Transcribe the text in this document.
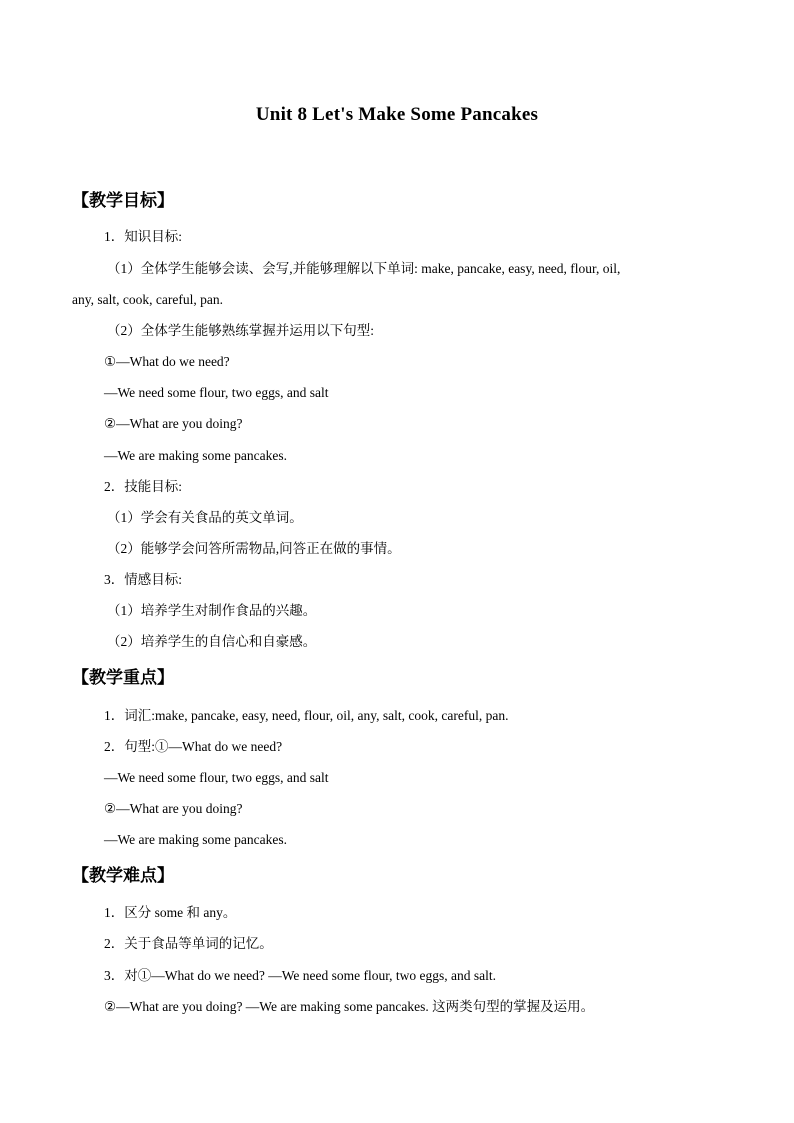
Unit 8 Let's Make Some Pancakes
【教学目标】
1．知识目标:
（1）全体学生能够会读、会写,并能够理解以下单词: make, pancake, easy, need, flour, oil,
any, salt, cook, careful, pan.
（2）全体学生能够熟练掌握并运用以下句型:
①—What do we need?
—We need some flour, two eggs, and salt
②—What are you doing?
—We are making some pancakes.
2．技能目标:
（1）学会有关食品的英文单词。
（2）能够学会问答所需物品,问答正在做的事情。
3．情感目标:
（1）培养学生对制作食品的兴趣。
（2）培养学生的自信心和自豪感。
【教学重点】
1．词汇:make, pancake, easy, need, flour, oil, any, salt, cook, careful, pan.
2．句型:①—What do we need?
—We need some flour, two eggs, and salt
②—What are you doing?
—We are making some pancakes.
【教学难点】
1．区分 some 和 any。
2．关于食品等单词的记忆。
3．对①—What do we need? —We need some flour, two eggs, and salt.
②—What are you doing? —We are making some pancakes. 这两类句型的掌握及运用。
